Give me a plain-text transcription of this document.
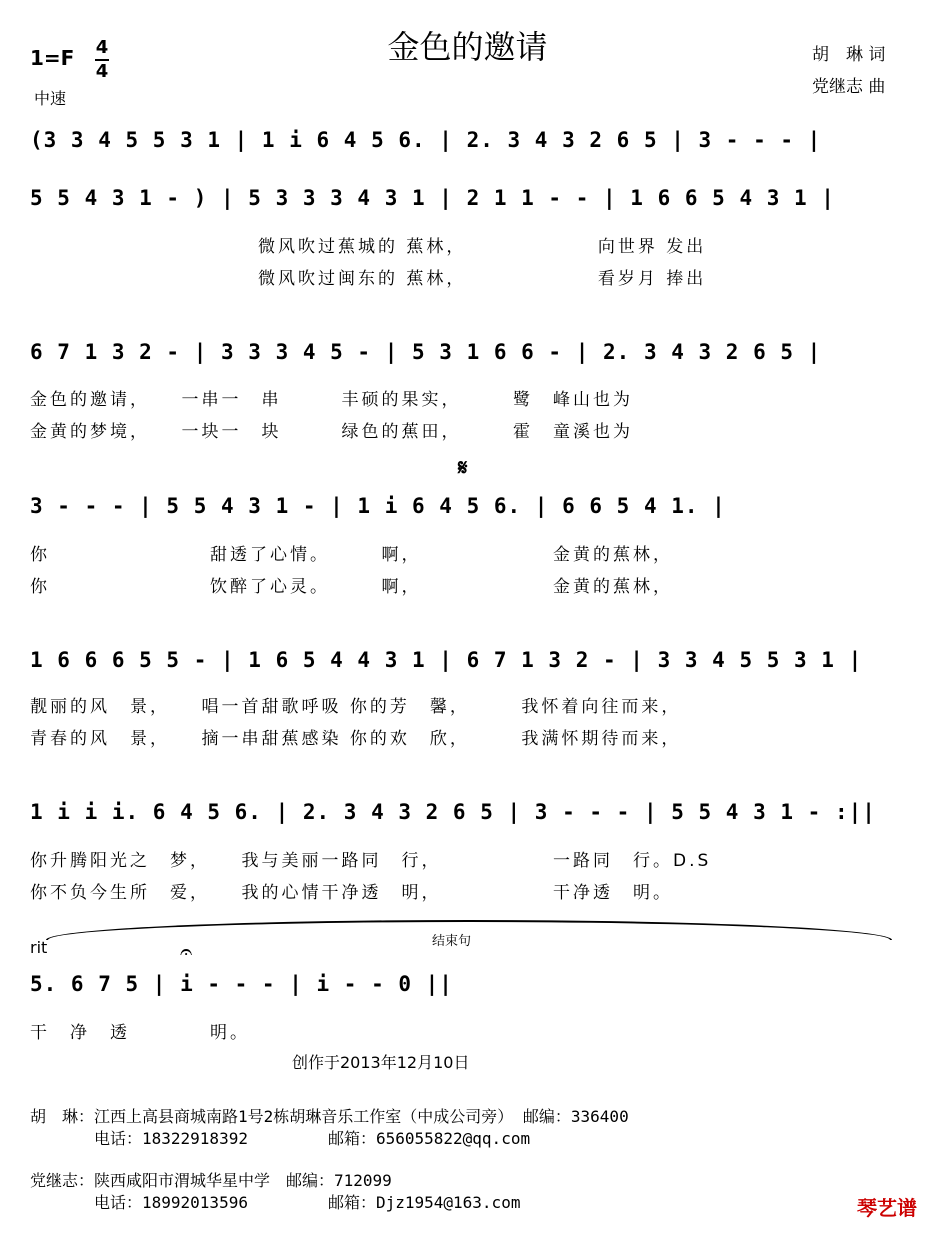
金色的邀请
1=F 4
4
中速
胡　琳 词
党继志 曲
(3 3 4 5 5 3 1 | 1 i 6 4 5 6. | 2. 3 4 3 2 6 5 | 3 - - - |
5 5 4 3 1 - ) | 5 3 3 3 4 3 1 | 2 1 1 - - | 1 6 6 5 4 3 1 |
微风吹过蕉城的 蕉林，　　　　　　　向世界 发出
微风吹过闽东的 蕉林，　　　　　　　看岁月 捧出
6 7 1 3 2 - | 3 3 3 4 5 - | 5 3 1 6 6 - | 2. 3 4 3 2 6 5 |
金色的邀请，　　一串一　串　　　丰硕的果实，　　　鹭　峰山也为
金黄的梦境，　　一块一　块　　　绿色的蕉田，　　　霍　童溪也为
𝄋
3 - - - | 5 5 4 3 1 - | 1 i 6 4 5 6. | 6 6 5 4 1. |
你　　　　　　　　甜透了心情。　　　啊，　　　　　　　金黄的蕉林，
你　　　　　　　　饮醉了心灵。　　　啊，　　　　　　　金黄的蕉林，
1 6 6 6 5 5 - | 1 6 5 4 4 3 1 | 6 7 1 3 2 - | 3 3 4 5 5 3 1 |
靓丽的风　景，　　唱一首甜歌呼吸 你的芳　馨，　　　我怀着向往而来，
青春的风　景，　　摘一串甜蕉感染 你的欢　欣，　　　我满怀期待而来，
1 i i i. 6 4 5 6. | 2. 3 4 3 2 6 5 | 3 - - - | 5 5 4 3 1 - :||
你升腾阳光之　梦，　　我与美丽一路同　行，　　　　　　一路同　行。D.S
你不负今生所　爱，　　我的心情干净透　明，　　　　　　干净透　明。
结束句
rit	𝄐
5. 6 7 5 | i - - - | i - - 0 ||
干　净　透　　　　明。
创作于2013年12月10日
胡　琳：江西上高县商城南路1号2栋胡琳音乐工作室（中成公司旁） 邮编：336400
　　　　电话：18322918392　　　　　邮箱：656055822@qq.com
党继志：陕西咸阳市渭城华星中学　邮编：712099
　　　　电话：18992013596　　　　　邮箱：Djz1954@163.com	琴艺谱
